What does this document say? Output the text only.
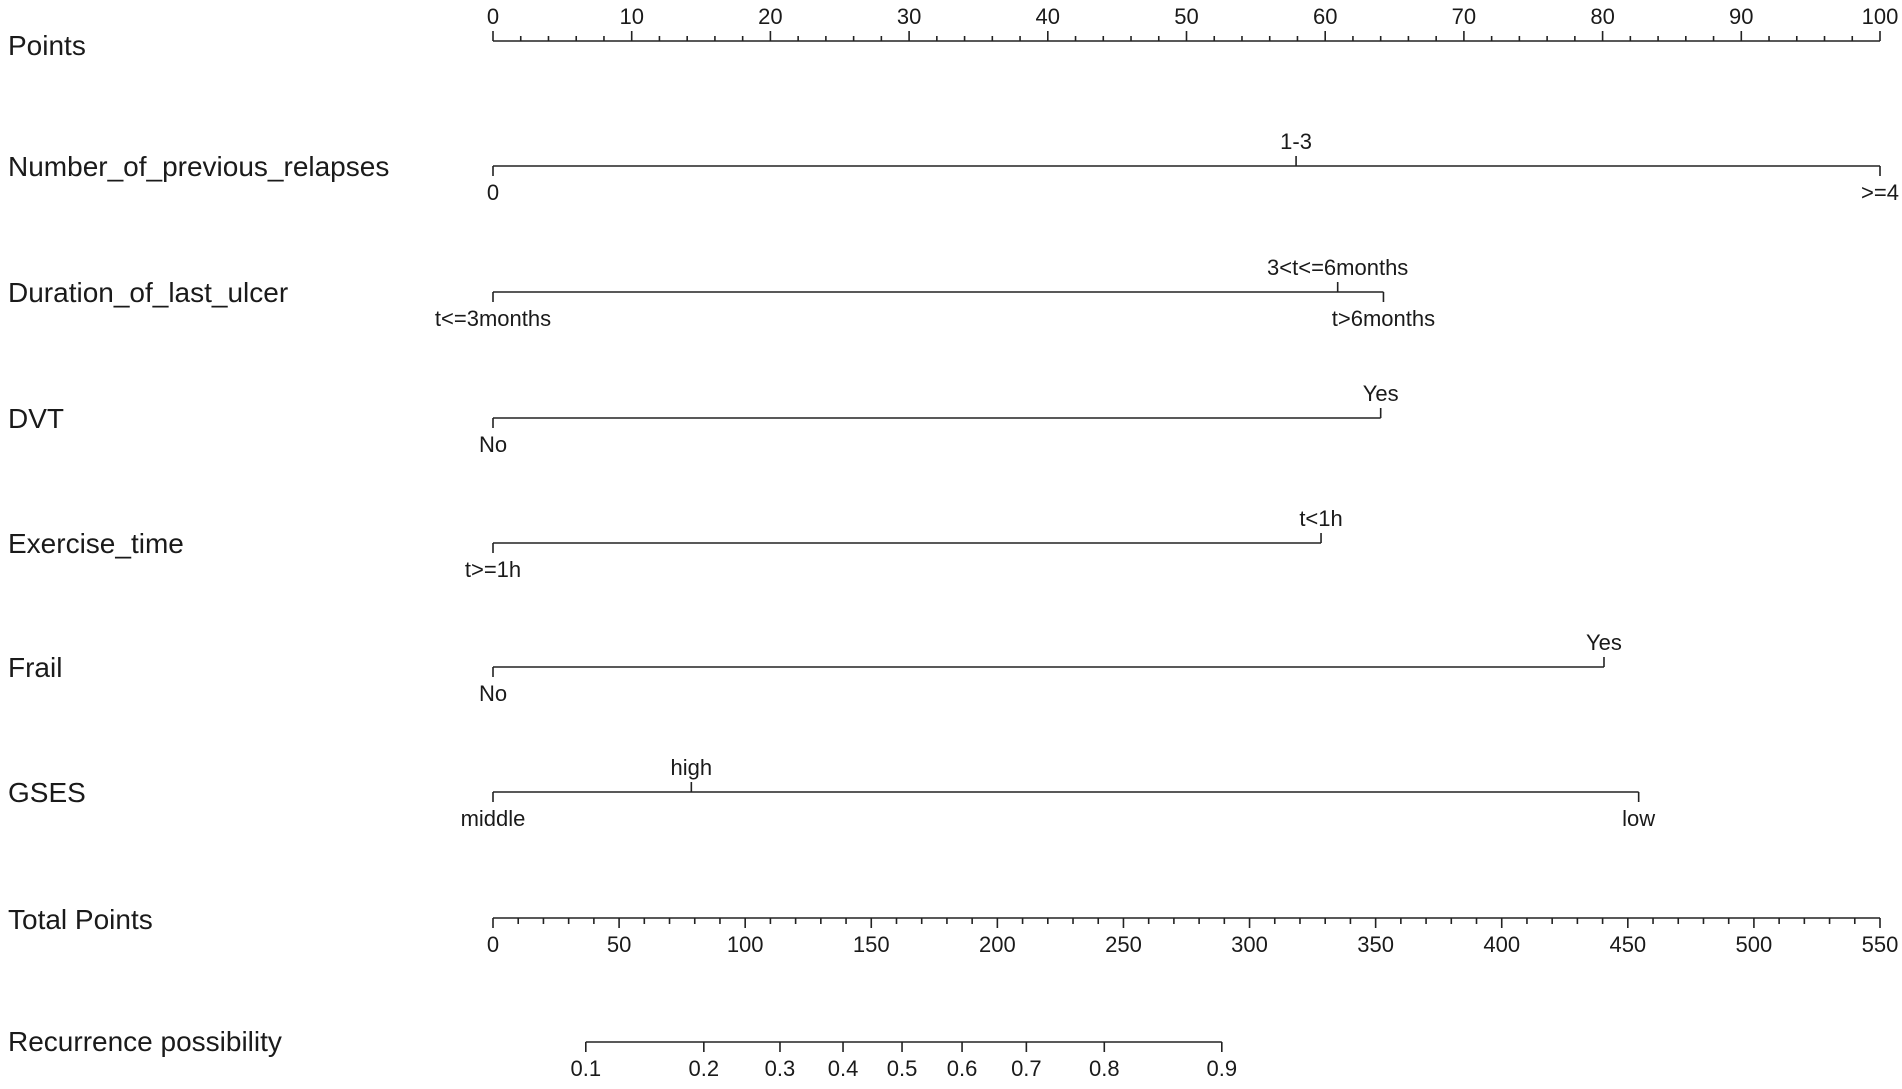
Points
0	10	20	30	40	50	60	70	80	90	100
Number_of_previous_relapses
0
1-3
>=4
Duration_of_last_ulcer
t<=3months
3<t<=6months
t>6months
DVT
No
Yes
Exercise_time
t>=1h
t<1h
Frail
No
Yes
GSES
middle
high
low
Total Points
0	50	100	150	200	250	300	350	400	450	500	550
Recurrence possibility
0.1	0.2 0.3 0.4 0.5 0.6 0.7 0.8	0.9
